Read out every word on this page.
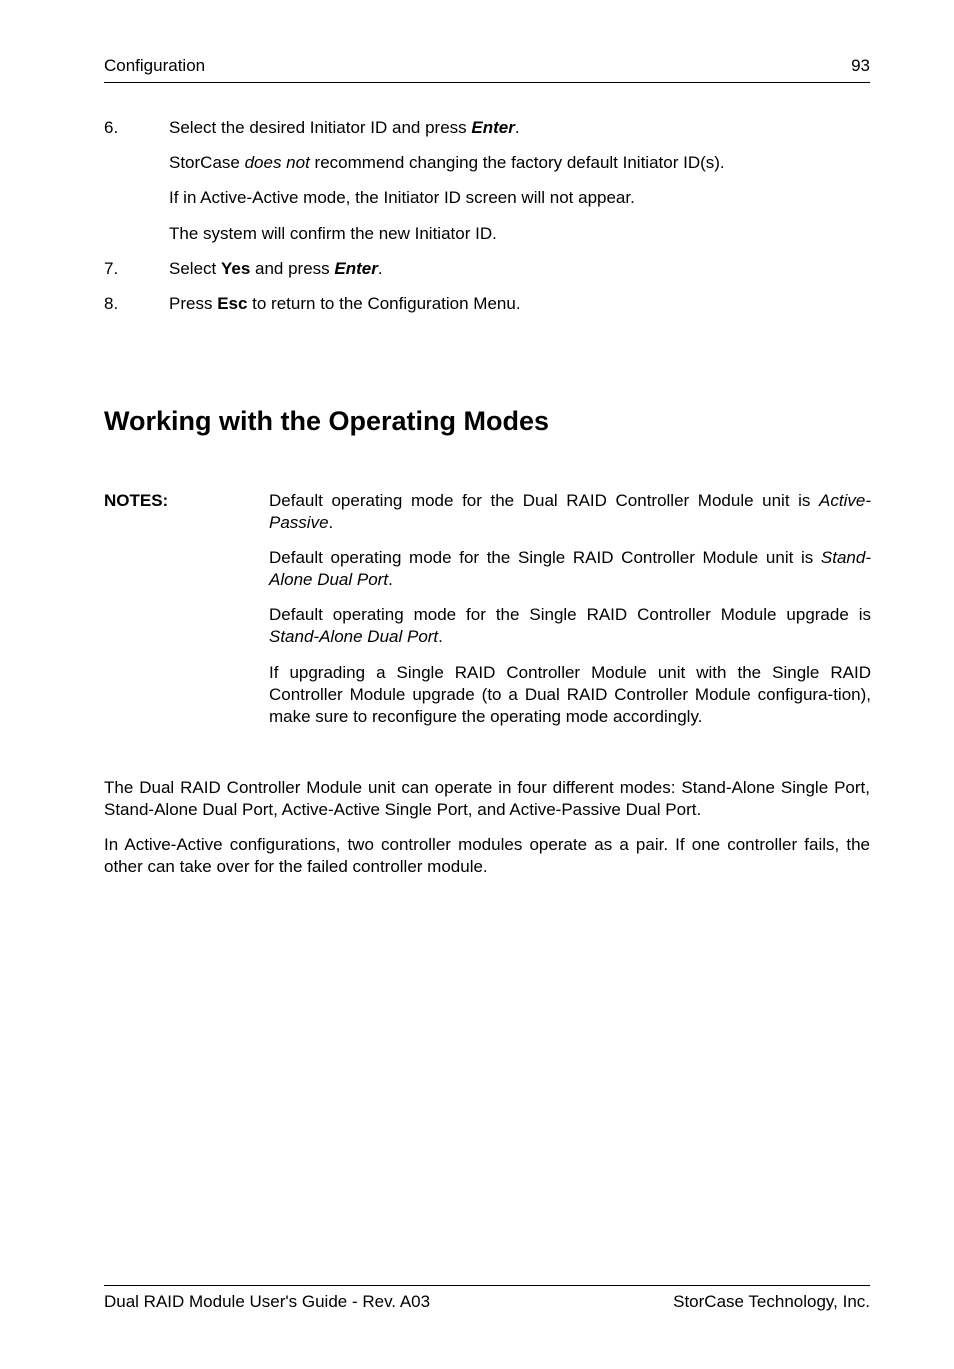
Configuration	93
6.	Select the desired Initiator ID and press Enter.
StorCase does not recommend changing the factory default Initiator ID(s).
If in Active-Active mode, the Initiator ID screen will not appear.
The system will confirm the new Initiator ID.
7.	Select Yes and press Enter.
8.	Press Esc to return to the Configuration Menu.
Working with the Operating Modes
NOTES:	Default operating mode for the Dual RAID Controller Module unit is Active-Passive.
Default operating mode for the Single RAID Controller Module unit is Stand-Alone Dual Port.
Default operating mode for the Single RAID Controller Module upgrade is Stand-Alone Dual Port.
If upgrading a Single RAID Controller Module unit with the Single RAID Controller Module upgrade (to a Dual RAID Controller Module configura-tion), make sure to reconfigure the operating mode accordingly.
The Dual RAID Controller Module unit can operate in four different modes: Stand-Alone Single Port, Stand-Alone Dual Port, Active-Active Single Port, and Active-Passive Dual Port.
In Active-Active configurations, two controller modules operate as a pair. If one controller fails, the other can take over for the failed controller module.
Dual RAID Module User's Guide - Rev. A03	StorCase Technology, Inc.
